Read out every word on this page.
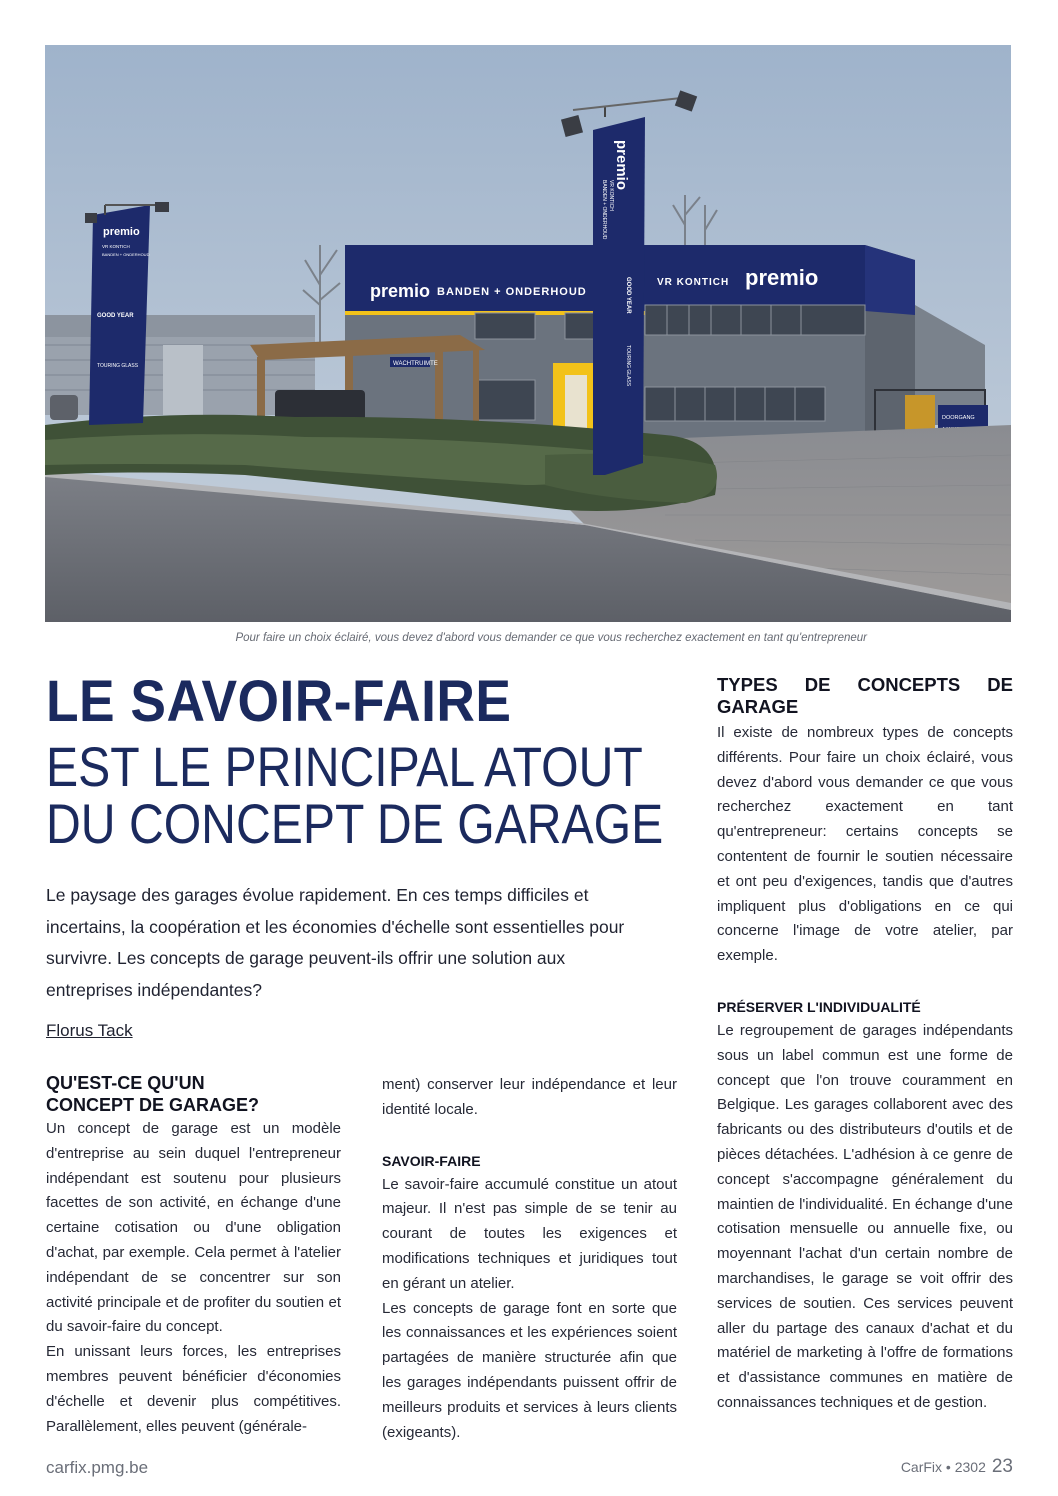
premio BANDEN + ONDERHOUD
VR KONTICH premio
DOORGANG
WACHTRUIMTE
premio
VR KONTICH
BANDEN + ONDERHOUD
GOOD YEAR
TOURING GLASS
premio
VR KONTICH
BANDEN + ONDERHOUD
GOOD YEAR
TOURING GLASS
Pour faire un choix éclairé, vous devez d'abord vous demander ce que vous recherchez exactement en tant qu'entrepreneur
LE SAVOIR-FAIRE
EST LE PRINCIPAL ATOUT
DU CONCEPT DE GARAGE

Le paysage des garages évolue rapidement. En ces temps difficiles et incertains, la coopération et les économies d'échelle sont essentielles pour survivre. Les concepts de garage peuvent-ils offrir une solution aux entreprises indépendantes?

Florus Tack

QU'EST-CE QU'UN
CONCEPT DE GARAGE?

Un concept de garage est un modèle d'entreprise au sein duquel l'entrepreneur indépendant est soutenu pour plusieurs facettes de son activité, en échange d'une certaine cotisation ou d'une obligation d'achat, par exemple. Cela permet à l'atelier indépendant de se concentrer sur son activité principale et de profiter du soutien et du savoir-faire du concept.

En unissant leurs forces, les entreprises membres peuvent bénéficier d'économies d'échelle et devenir plus compétitives. Parallèlement, elles peuvent (générale-

ment) conserver leur indépendance et leur identité locale.

SAVOIR-FAIRE

Le savoir-faire accumulé constitue un atout majeur. Il n'est pas simple de se tenir au courant de toutes les exigences et modifications techniques et juridiques tout en gérant un atelier.

Les concepts de garage font en sorte que les connaissances et les expériences soient partagées de manière structurée afin que les garages indépendants puissent offrir de meilleurs produits et services à leurs clients (exigeants).

TYPES DE CONCEPTS DE GARAGE

Il existe de nombreux types de concepts différents. Pour faire un choix éclairé, vous devez d'abord vous demander ce que vous recherchez exactement en tant qu'entrepreneur: certains concepts se contentent de fournir le soutien nécessaire et ont peu d'exigences, tandis que d'autres impliquent plus d'obligations en ce qui concerne l'image de votre atelier, par exemple.

PRÉSERVER L'INDIVIDUALITÉ

Le regroupement de garages indépendants sous un label commun est une forme de concept que l'on trouve couramment en Belgique. Les garages collaborent avec des fabricants ou des distributeurs d'outils et de pièces détachées. L'adhésion à ce genre de concept s'accompagne généralement du maintien de l'individualité. En échange d'une cotisation mensuelle ou annuelle fixe, ou moyennant l'achat d'un certain nombre de marchandises, le garage se voit offrir des services de soutien. Ces services peuvent aller du partage des canaux d'achat et du matériel de marketing à l'offre de formations et d'assistance communes en matière de connaissances techniques et de gestion.

carfix.pmg.be	CarFix • 2302 23
